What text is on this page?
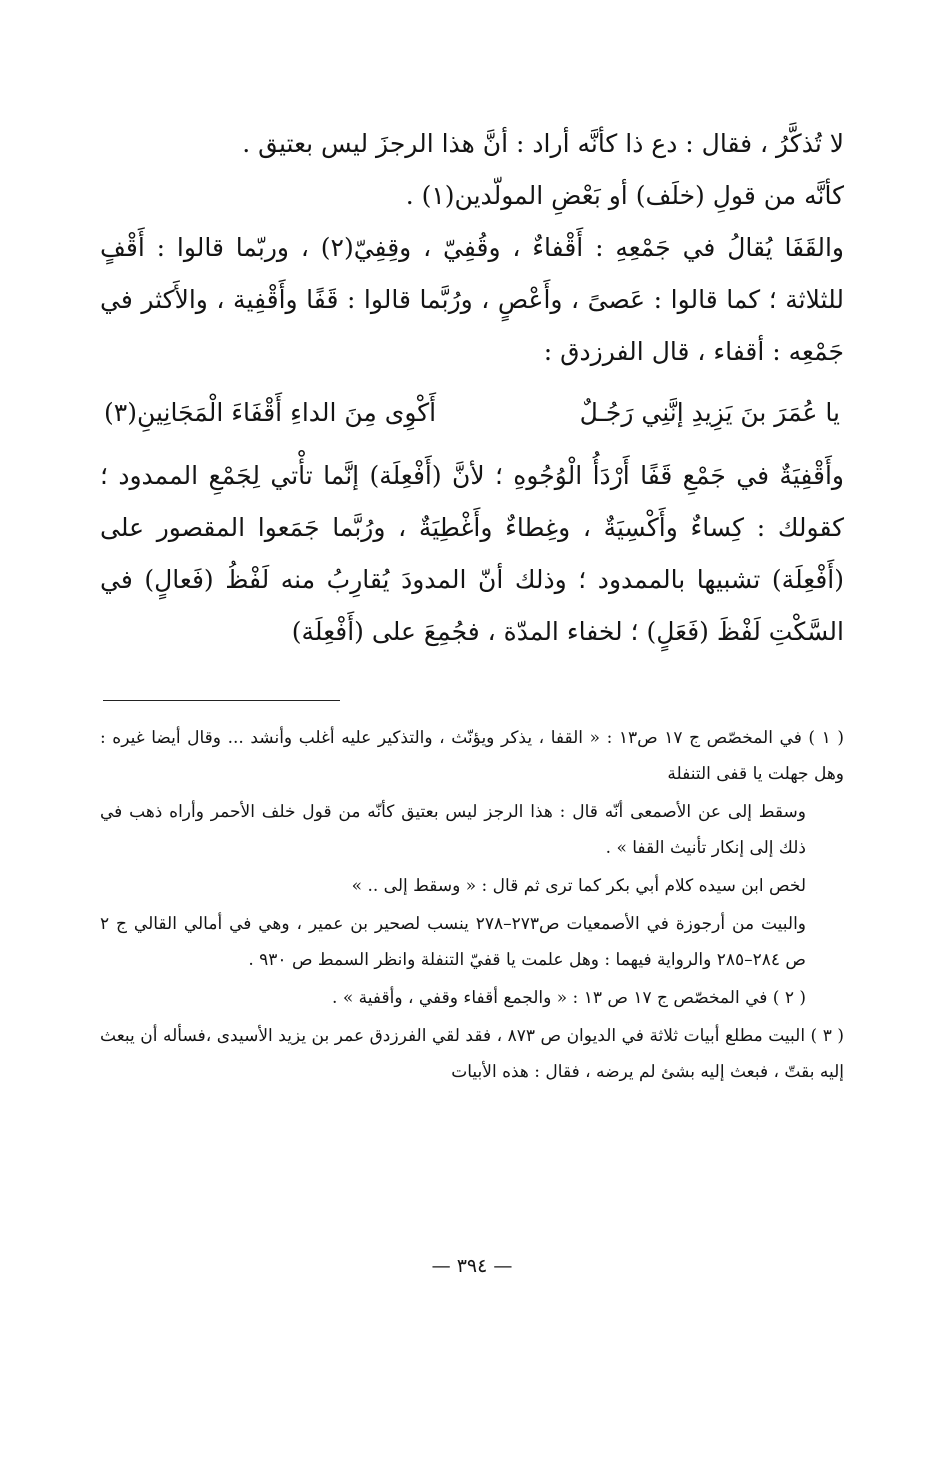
لا تُذكَّرُ ، فقال : دع ذا كأنَّه أراد : أنَّ هذا الرجزَ ليس بعتيق .

كأنَّه من قولِ (خلَف) أو بَعْضِ المولّدين(١) .

والقَفَا يُقالُ في جَمْعِهِ : أَقْفاءٌ ، وقُفِيّ ، وقِفِيّ(٢) ، وربّما قالوا : أَقْفٍ للثلاثة ؛ كما قالوا : عَصىً ، وأَعْصٍ ، ورُبَّما قالوا : قَفًا وأَقْفِية ، والأَكثر في جَمْعِه : أقفاء ، قال الفرزدق :

يا عُمَرَ بنَ يَزِيدِ إنَّنِي رَجُـلٌ
أَكْوِى مِنَ الداءِ أَقْفَاءَ الْمَجَانِينِ(٣)

وأَقْفِيَةٌ في جَمْعِ قَفًا أَرْدَأُ الْوُجُوهِ ؛ لأنَّ (أَفْعِلَة) إنَّما تأْتي لِجَمْعِ الممدود ؛ كقولك : كِساءٌ وأَكْسِيَةٌ ، وغِطاءٌ وأَغْطِيَةٌ ، ورُبَّما جَمَعوا المقصور على (أَفْعِلَة) تشبيها بالممدود ؛ وذلك أنّ المدودَ يُقارِبُ منه لَفْظُ (فَعالٍ) في السَّكْتِ لَفْظَ (فَعَلٍ) ؛ لخفاء المدّة ، فجُمِعَ على (أَفْعِلَة)

( ١ ) في المخصّص ج ١٧ ص١٣ : « القفا ، يذكر ويؤنّث ، والتذكير عليه أغلب وأنشد ... وقال أيضا غيره : وهل جهلت يا قفى التنفلة

وسقط إلى عن الأصمعى أنّه قال : هذا الرجز ليس بعتيق كأنّه من قول خلف الأحمر وأراه ذهب في ذلك إلى إنكار تأنيث القفا » .

لخص ابن سيده كلام أبي بكر كما ترى ثم قال : « وسقط إلى .. »

والبيت من أرجوزة في الأصمعيات ص٢٧٣–٢٧٨ ينسب لصحير بن عمير ، وهي في أمالي القالي ج ٢ ص ٢٨٤–٢٨٥ والرواية فيهما : وهل علمت يا قفيّ التنفلة وانظر السمط ص ٩٣٠ .

( ٢ ) في المخصّص ج ١٧ ص ١٣ : « والجمع أقفاء وقفي ، وأقفية » .

( ٣ ) البيت مطلع أبيات ثلاثة في الديوان ص ٨٧٣ ، فقد لقي الفرزدق عمر بن يزيد الأسيدى ،فسأله أن يبعث إليه بقتّ ، فبعث إليه بشئ لم يرضه ، فقال : هذه الأبيات

— ٣٩٤ —
